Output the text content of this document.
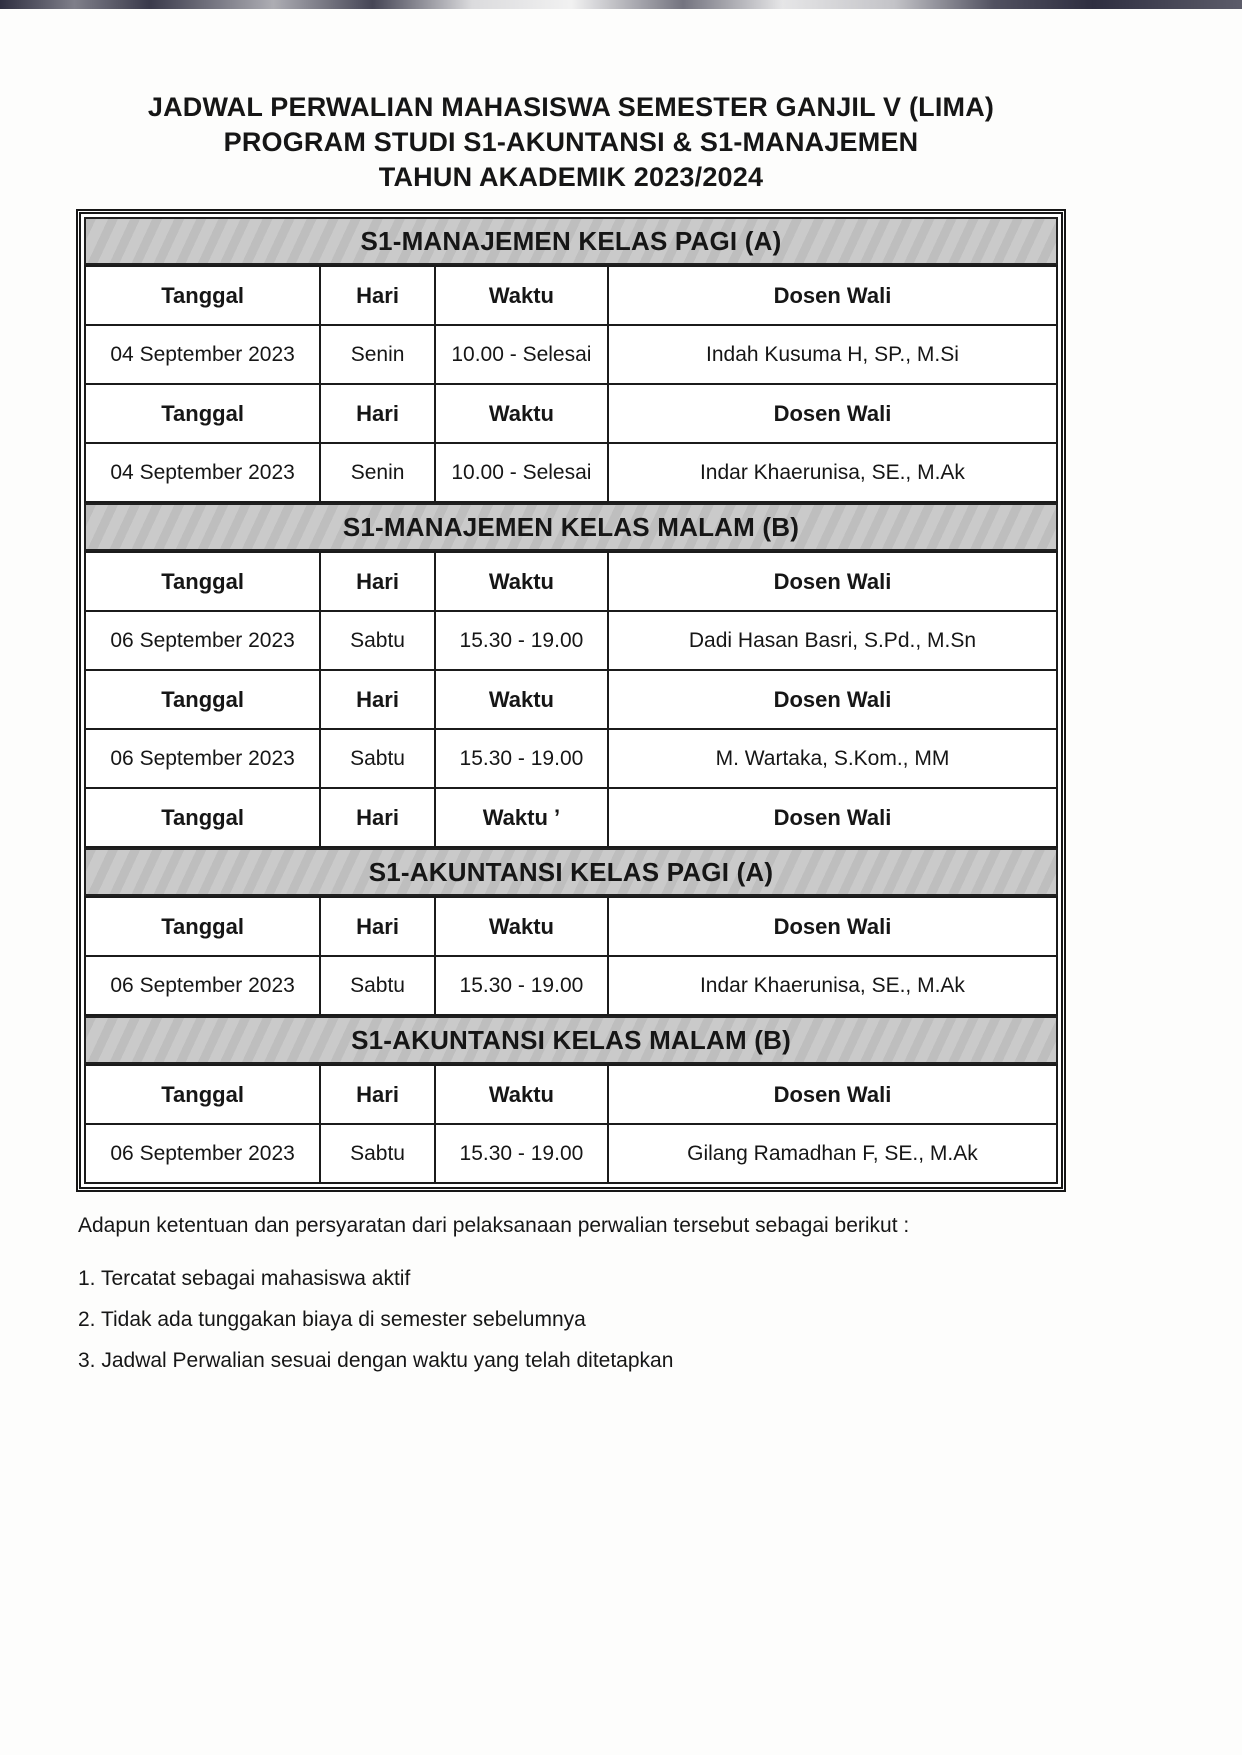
JADWAL PERWALIAN MAHASISWA SEMESTER GANJIL V (LIMA)
PROGRAM STUDI S1-AKUNTANSI & S1-MANAJEMEN
TAHUN AKADEMIK 2023/2024
S1-MANAJEMEN KELAS PAGI (A)
Tanggal	Hari	Waktu	Dosen Wali
04 September 2023	Senin	10.00 - Selesai	Indah Kusuma H, SP., M.Si
Tanggal	Hari	Waktu	Dosen Wali
04 September 2023	Senin	10.00 - Selesai	Indar Khaerunisa, SE., M.Ak
S1-MANAJEMEN KELAS MALAM (B)
Tanggal	Hari	Waktu	Dosen Wali
06 September 2023	Sabtu	15.30 - 19.00	Dadi Hasan Basri, S.Pd., M.Sn
Tanggal	Hari	Waktu	Dosen Wali
06 September 2023	Sabtu	15.30 - 19.00	M. Wartaka, S.Kom., MM
Tanggal	Hari	Waktu ’	Dosen Wali
S1-AKUNTANSI KELAS PAGI (A)
Tanggal	Hari	Waktu	Dosen Wali
06 September 2023	Sabtu	15.30 - 19.00	Indar Khaerunisa, SE., M.Ak
S1-AKUNTANSI KELAS MALAM (B)
Tanggal	Hari	Waktu	Dosen Wali
06 September 2023	Sabtu	15.30 - 19.00	Gilang Ramadhan F, SE., M.Ak

Adapun ketentuan dan persyaratan dari pelaksanaan perwalian tersebut sebagai berikut :

1. Tercatat sebagai mahasiswa aktif

2. Tidak ada tunggakan biaya di semester sebelumnya

3. Jadwal Perwalian sesuai dengan waktu yang telah ditetapkan
